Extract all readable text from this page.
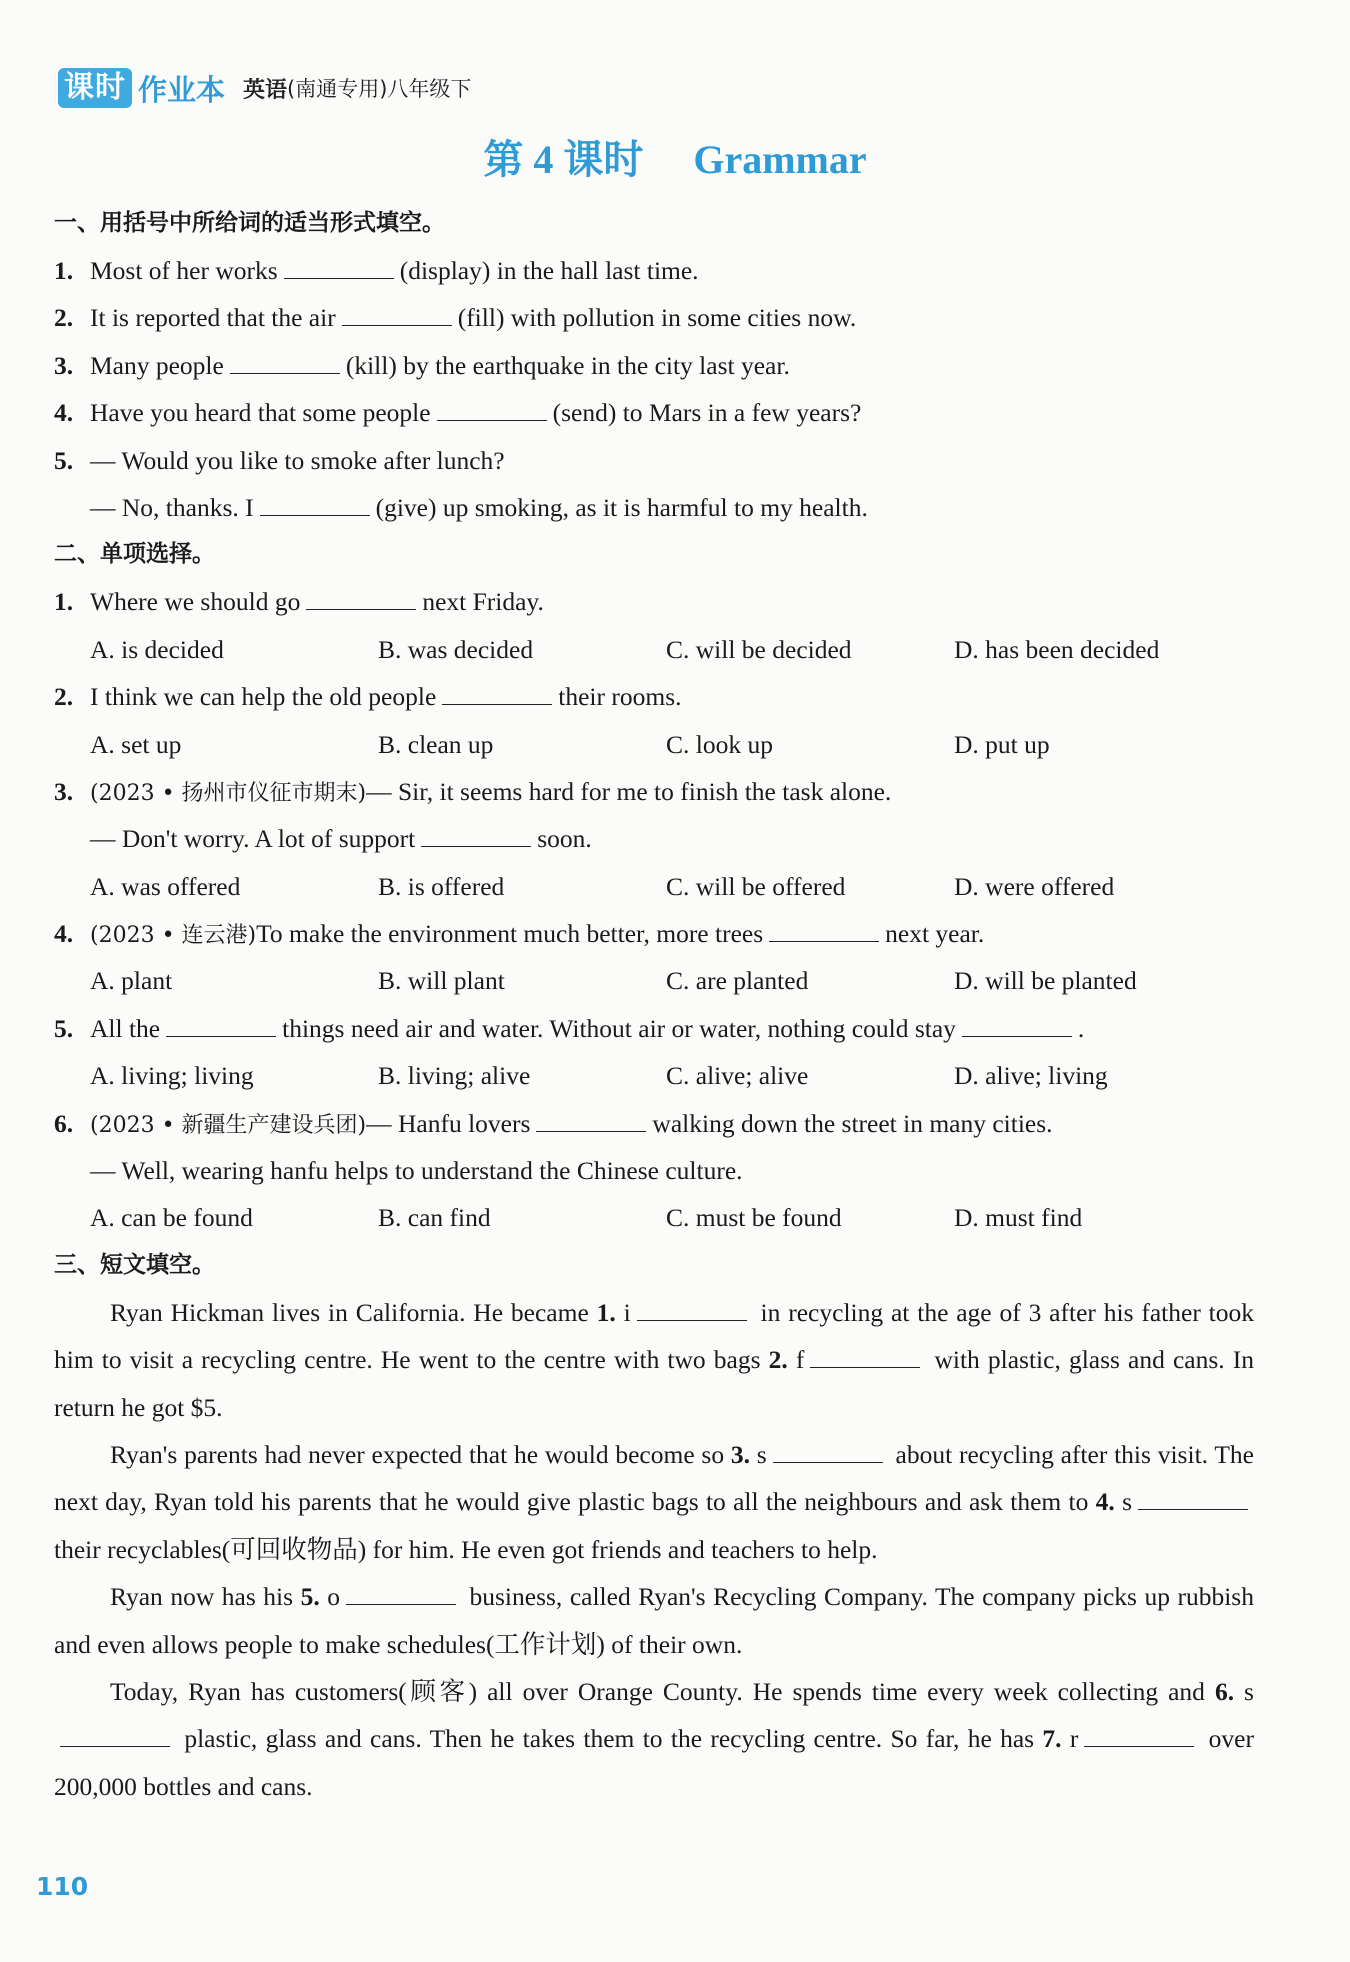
课时 作业本 英语 (南通专用)八年级下
第 4 课时 Grammar
一、用括号中所给词的适当形式填空。
1. Most of her works	(display) in the hall last time.
2. It is reported that the air	(fill) with pollution in some cities now.
3. Many people	(kill) by the earthquake in the city last year.
4. Have you heard that some people	(send) to Mars in a few years?
5. — Would you like to smoke after lunch?
— No, thanks. I	(give) up smoking, as it is harmful to my health.
二、单项选择。
1. Where we should go	next Friday.
A. is decided	B. was decided	C. will be decided	D. has been decided
2. I think we can help the old people	their rooms.
A. set up	B. clean up	C. look up	D. put up
3. (2023 • 扬州市仪征市期末)— Sir, it seems hard for me to finish the task alone.
— Don't worry. A lot of support	soon.
A. was offered	B. is offered	C. will be offered	D. were offered
4. (2023 • 连云港)To make the environment much better, more trees	next year.
A. plant	B. will plant	C. are planted	D. will be planted
5. All the	things need air and water. Without air or water, nothing could stay	.
A. living; living	B. living; alive	C. alive; alive	D. alive; living
6. (2023 • 新疆生产建设兵团)— Hanfu lovers	walking down the street in many cities.
— Well, wearing hanfu helps to understand the Chinese culture.
A. can be found	B. can find	C. must be found	D. must find
三、短文填空。

Ryan Hickman lives in California. He became 1. i	in recycling at the age of 3 after his father took him to visit a recycling centre. He went to the centre with two bags 2. f	with plastic, glass and cans. In return he got $5.

Ryan's parents had never expected that he would become so 3. s	about recycling after this visit. The next day, Ryan told his parents that he would give plastic bags to all the neighbours and ask them to 4. s their recyclables(可回收物品) for him. He even got friends and teachers to help.

Ryan now has his 5. o	business, called Ryan's Recycling Company. The company picks up rubbish and even allows people to make schedules(工作计划) of their own.

Today, Ryan has customers(顾客) all over Orange County. He spends time every week collecting and 6. s plastic, glass and cans. Then he takes them to the recycling centre. So far, he has 7. r	over 200,000 bottles and cans.

110
